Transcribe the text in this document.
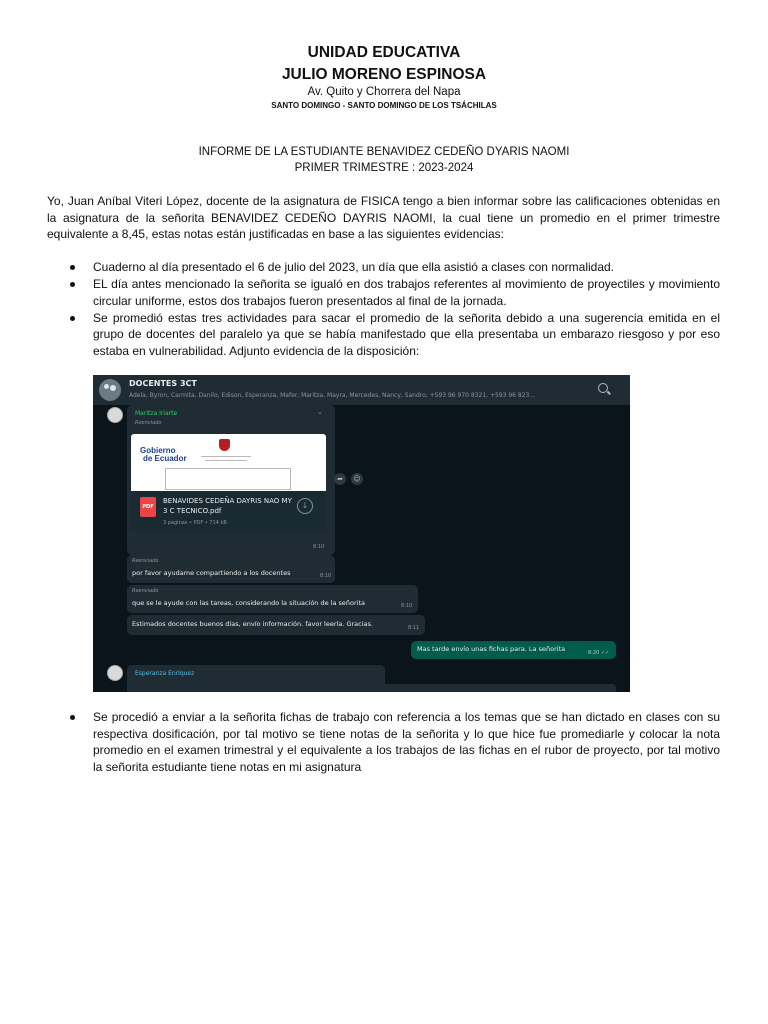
UNIDAD EDUCATIVA
JULIO MORENO ESPINOSA
Av. Quito y Chorrera del Napa
SANTO DOMINGO - SANTO DOMINGO DE LOS TSÁCHILAS
INFORME DE LA ESTUDIANTE BENAVIDEZ CEDEÑO DYARIS NAOMI
PRIMER TRIMESTRE : 2023-2024
Yo, Juan Aníbal Viteri López, docente de la asignatura de FISICA tengo a bien informar sobre las calificaciones obtenidas en la asignatura de la señorita BENAVIDEZ CEDEÑO DAYRIS NAOMI, la cual tiene un promedio en el primer trimestre equivalente a 8,45, estas notas están justificadas en base a las siguientes evidencias:
Cuaderno al día presentado el 6 de julio del 2023, un día que ella asistió a clases con normalidad.
EL día antes mencionado la señorita se igualó en dos trabajos referentes al movimiento de proyectiles y movimiento circular uniforme, estos dos trabajos fueron presentados al final de la jornada.
Se promedió estas tres actividades para sacar el promedio de la señorita debido a una sugerencia emitida en el grupo de docentes del paralelo ya que se había manifestado que ella presentaba un embarazo riesgoso y por eso estaba en vulnerabilidad. Adjunto evidencia de la disposición:
DOCENTES 3CT
Adela, Byron, Carmita, Danilo, Edison, Esperanza, Mafer, Maritza, Mayra, Mercedes, Nancy, Sandro, +593 96 970 8321, +593 96 823...
Maritza Iriarte
Reenviado
⌄
Gobierno
de Ecuador
PDF
BENAVIDES CEDEÑA DAYRIS NAO MY 3 C TECNICO.pdf
3 páginas • PDF • 714 kB
↓
8:10
➦	☺
Reenviado
por favor ayudame compartiendo a los docentes	8:10
Reenviado
que se le ayude con las tareas, considerando la situación de la señorita	8:10
Estimados docentes buenos días, envío información. favor leerla. Gracias.	8:11
Mas tarde envío unas fichas para. La señorita	8:20 ✓✓
Esperanza Enríquez
Se procedió a enviar a la señorita fichas de trabajo con referencia a los temas que se han dictado en clases con su respectiva dosificación, por tal motivo se tiene notas de la señorita y lo que hice fue promediarle y colocar la nota promedio en el examen trimestral y el equivalente a los trabajos de las fichas en el rubor de proyecto, por tal motivo la señorita estudiante tiene notas en mi asignatura
